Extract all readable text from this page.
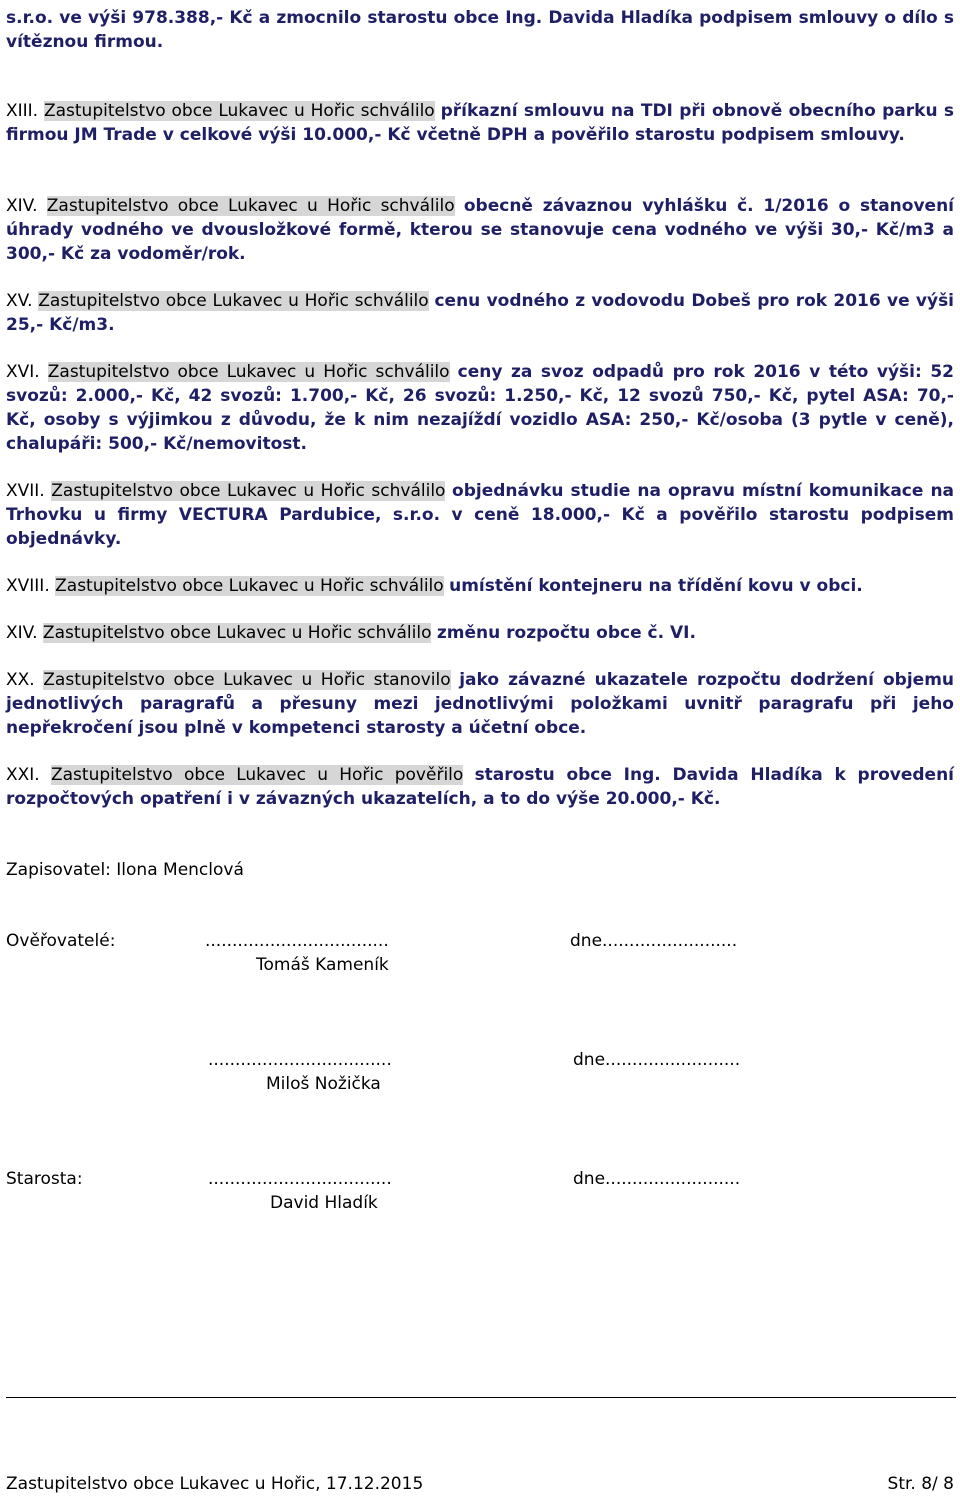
s.r.o. ve výši 978.388,- Kč a zmocnilo starostu obce Ing. Davida Hladíka podpisem smlouvy o dílo s vítěznou firmou.
XIII. Zastupitelstvo obce Lukavec u Hořic schválilo příkazní smlouvu na TDI při obnově obecního parku s firmou JM Trade v celkové výši 10.000,- Kč včetně DPH a pověřilo starostu podpisem smlouvy.
XIV. Zastupitelstvo obce Lukavec u Hořic schválilo obecně závaznou vyhlášku č. 1/2016 o stanovení úhrady vodného ve dvousložkové formě, kterou se stanovuje cena vodného ve výši 30,- Kč/m3 a 300,- Kč za vodoměr/rok.
XV. Zastupitelstvo obce Lukavec u Hořic schválilo cenu vodného z vodovodu Dobeš pro rok 2016 ve výši 25,- Kč/m3.
XVI. Zastupitelstvo obce Lukavec u Hořic schválilo ceny za svoz odpadů pro rok 2016 v této výši: 52 svozů: 2.000,- Kč, 42 svozů: 1.700,- Kč, 26 svozů: 1.250,- Kč, 12 svozů 750,- Kč, pytel ASA: 70,- Kč, osoby s výjimkou z důvodu, že k nim nezajíždí vozidlo ASA: 250,- Kč/osoba (3 pytle v ceně), chalupáři: 500,- Kč/nemovitost.
XVII. Zastupitelstvo obce Lukavec u Hořic schválilo objednávku studie na opravu místní komunikace na Trhovku u firmy VECTURA Pardubice, s.r.o. v ceně 18.000,- Kč a pověřilo starostu podpisem objednávky.
XVIII. Zastupitelstvo obce Lukavec u Hořic schválilo umístění kontejneru na třídění kovu v obci.
XIV. Zastupitelstvo obce Lukavec u Hořic schválilo změnu rozpočtu obce č. VI.
XX. Zastupitelstvo obce Lukavec u Hořic stanovilo jako závazné ukazatele rozpočtu dodržení objemu jednotlivých paragrafů a přesuny mezi jednotlivými položkami uvnitř paragrafu při jeho nepřekročení jsou plně v kompetenci starosty a účetní obce.
XXI. Zastupitelstvo obce Lukavec u Hořic pověřilo starostu obce Ing. Davida Hladíka k provedení rozpočtových opatření i v závazných ukazatelích, a to do výše 20.000,- Kč.
Zapisovatel: Ilona Menclová
Ověřovatelé:	..................................	dne.........................
Tomáš Kameník
..................................	dne.........................
Miloš Nožička
Starosta:	..................................	dne.........................
David Hladík
Zastupitelstvo obce Lukavec u Hořic, 17.12.2015	Str. 8/ 8
